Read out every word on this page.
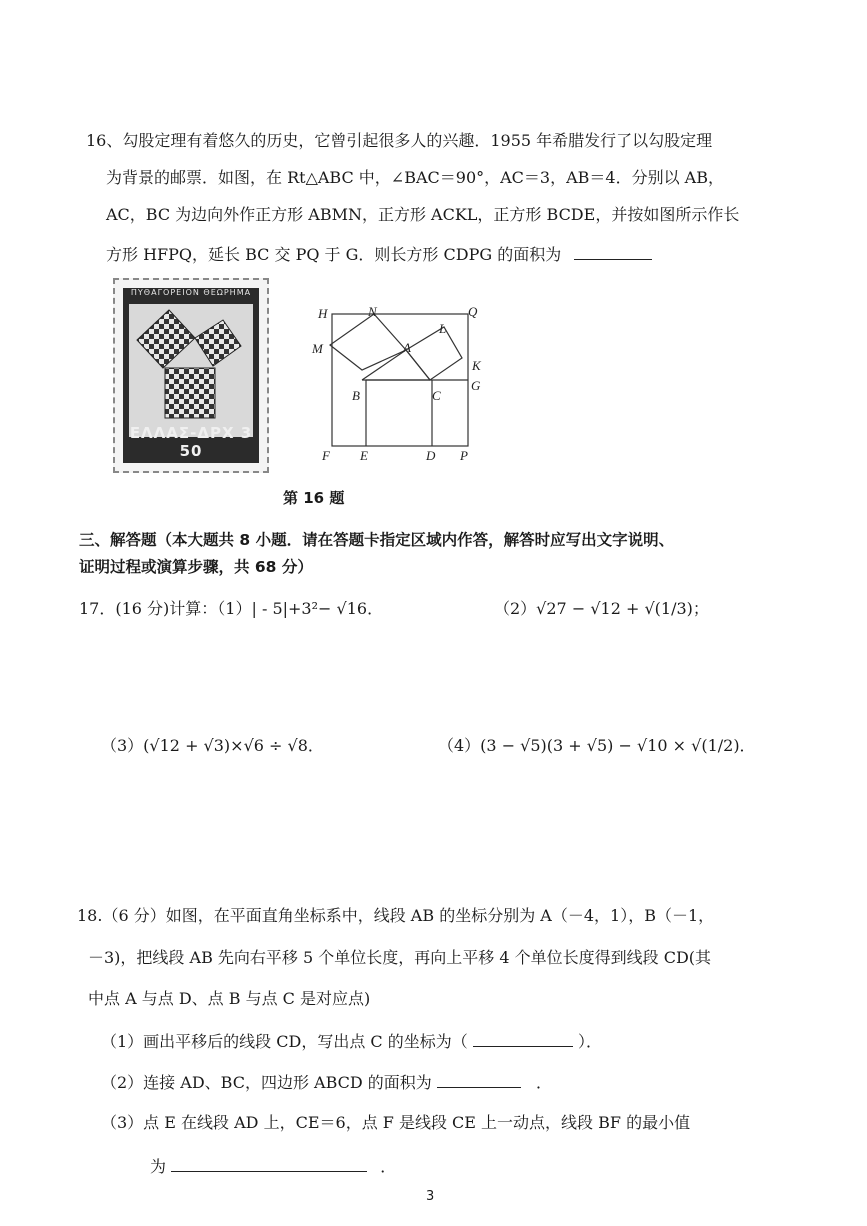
16、勾股定理有着悠久的历史，它曾引起很多人的兴趣．1955 年希腊发行了以勾股定理
为背景的邮票．如图，在 Rt△ABC 中，∠BAC＝90°，AC＝3，AB＝4．分别以 AB，
AC，BC 为边向外作正方形 ABMN，正方形 ACKL，正方形 BCDE，并按如图所示作长
方形 HFPQ，延长 BC 交 PQ 于 G．则长方形 CDPG 的面积为
ΠΥΘΑΓΟΡΕΙΟΝ ΘΕΩΡΗΜΑ
ΕΛΛΑΣ-ΔΡΧ 3 50
H	N	Q
L
M	A
K
G
B	C
F E	D P
第 16 题
三、解答题（本大题共 8 小题．请在答题卡指定区域内作答，解答时应写出文字说明、
证明过程或演算步骤，共 68 分）
17．(16 分)计算：（1）| - 5|+3²− √16．	（2）√27 − √12 + √(1/3)；
（3）(√12 + √3)×√6 ÷ √8．	（4）(3 − √5)(3 + √5) − √10 × √(1/2)．
18.（6 分）如图，在平面直角坐标系中，线段 AB 的坐标分别为 A（－4，1），B（－1，
－3)，把线段 AB 先向右平移 5 个单位长度，再向上平移 4 个单位长度得到线段 CD(其
中点 A 与点 D、点 B 与点 C 是对应点)
（1）画出平移后的线段 CD，写出点 C 的坐标为（	）．
（2）连接 AD、BC，四边形 ABCD 的面积为	．
（3）点 E 在线段 AD 上，CE＝6，点 F 是线段 CE 上一动点，线段 BF 的最小值
为	．
3
